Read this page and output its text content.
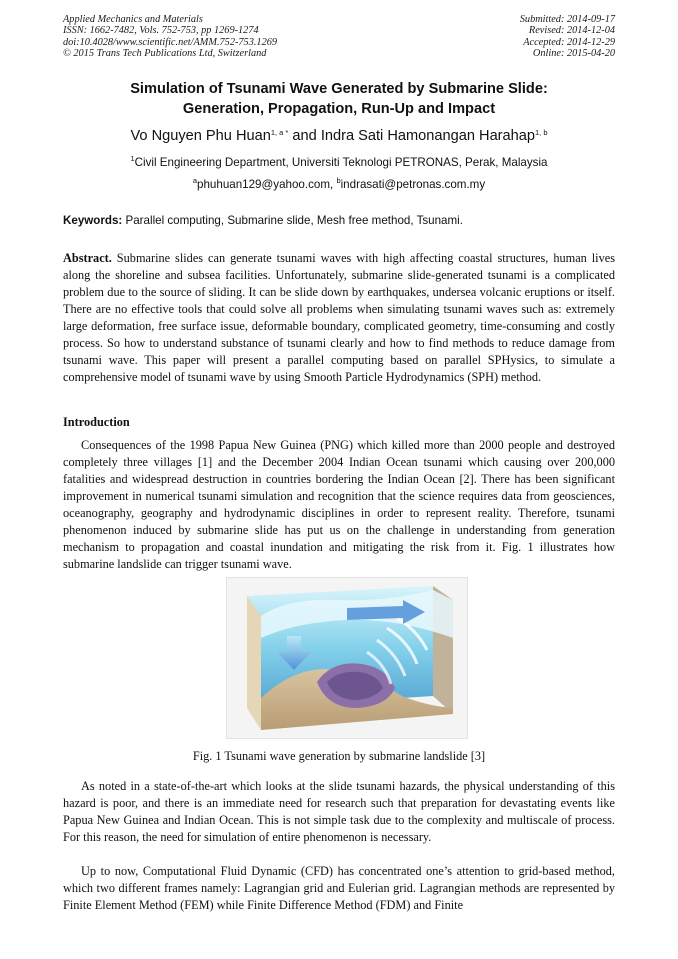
Applied Mechanics and Materials
ISSN: 1662-7482, Vols. 752-753, pp 1269-1274
doi:10.4028/www.scientific.net/AMM.752-753.1269
© 2015 Trans Tech Publications Ltd, Switzerland
Submitted: 2014-09-17
Revised: 2014-12-04
Accepted: 2014-12-29
Online: 2015-04-20
Simulation of Tsunami Wave Generated by Submarine Slide:
Generation, Propagation, Run-Up and Impact
Vo Nguyen Phu Huan$^{1, a *}$ and Indra Sati Hamonangan Harahap$^{1, b}$
$^1$Civil Engineering Department, Universiti Teknologi PETRONAS, Perak, Malaysia
$^a$phuhuan129@yahoo.com, $^b$indrasati@petronas.com.my
Keywords: Parallel computing, Submarine slide, Mesh free method, Tsunami.
Abstract. Submarine slides can generate tsunami waves with high affecting coastal structures, human lives along the shoreline and subsea facilities. Unfortunately, submarine slide-generated tsunami is a complicated problem due to the source of sliding. It can be slide down by earthquakes, undersea volcanic eruptions or itself. There are no effective tools that could solve all problems when simulating tsunami waves such as: extremely large deformation, free surface issue, deformable boundary, complicated geometry, time-consuming and costly process. So how to understand substance of tsunami clearly and how to find methods to reduce damage from tsunami wave. This paper will present a parallel computing based on parallel SPHysics, to simulate a comprehensive model of tsunami wave by using Smooth Particle Hydrodynamics (SPH) method.
Introduction
Consequences of the 1998 Papua New Guinea (PNG) which killed more than 2000 people and destroyed completely three villages [1] and the December 2004 Indian Ocean tsunami which causing over 200,000 fatalities and widespread destruction in countries bordering the Indian Ocean [2]. There has been significant improvement in numerical tsunami simulation and recognition that the science requires data from geosciences, oceanography, geography and hydrodynamic disciplines in order to represent reality. Therefore, tsunami phenomenon induced by submarine slide has put us on the challenge in understanding from generation mechanism to propagation and coastal inundation and mitigating the risk from it. Fig. 1 illustrates how submarine landslide can trigger tsunami wave.
Fig. 1 Tsunami wave generation by submarine landslide [3]
As noted in a state-of-the-art which looks at the slide tsunami hazards, the physical understanding of this hazard is poor, and there is an immediate need for research such that preparation for devastating events like Papua New Guinea and Indian Ocean. This is not simple task due to the complexity and multiscale of process. For this reason, the need for simulation of entire phenomenon is necessary.
Up to now, Computational Fluid Dynamic (CFD) has concentrated one’s attention to grid-based method, which two different frames namely: Lagrangian grid and Eulerian grid. Lagrangian methods are represented by Finite Element Method (FEM) while Finite Difference Method (FDM) and Finite
